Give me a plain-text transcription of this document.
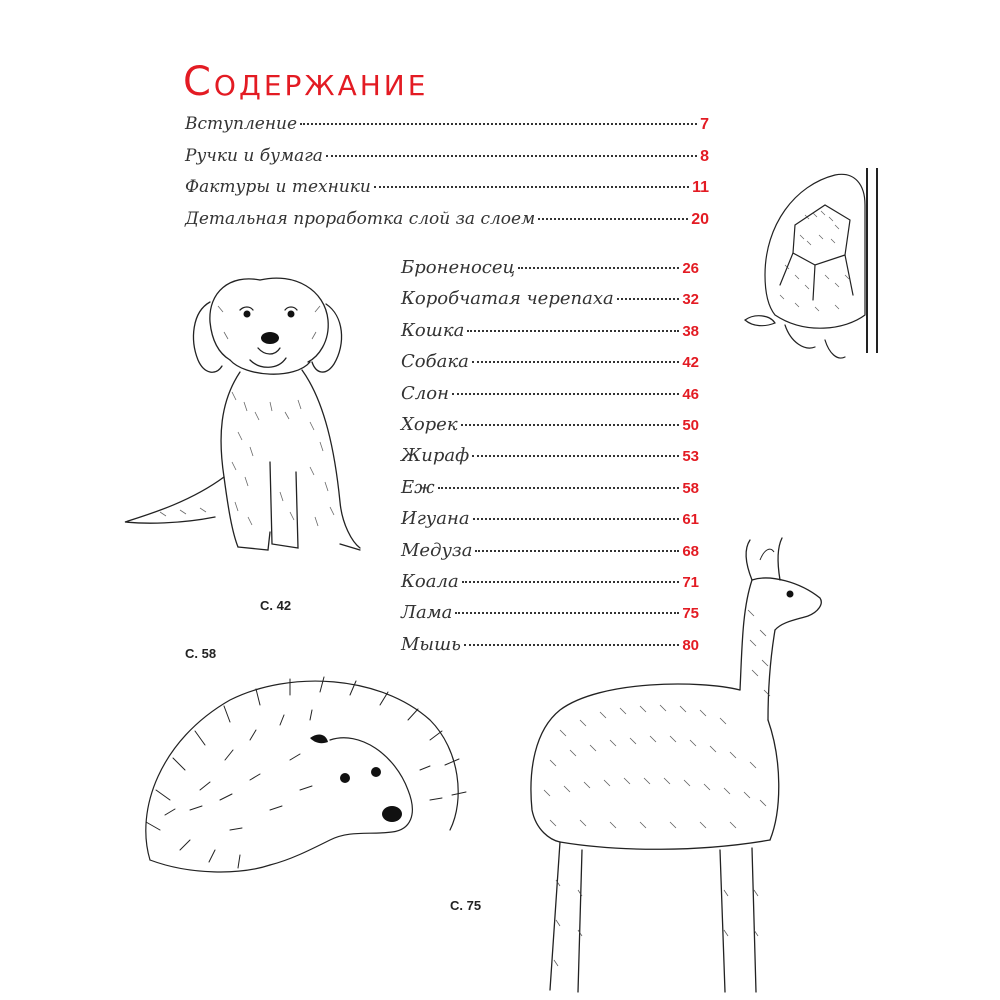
Содержание
Вступление	7
Ручки и бумага	8
Фактуры и техники	11
Детальная проработка слой за слоем	20
Броненосец	26
Коробчатая черепаха	32
Кошка	38
Собака	42
Слон	46
Хорек	50
Жираф	53
Еж	58
Игуана	61
Медуза	68
Коала	71
Лама	75
Мышь	80
С. 42
С. 58
С. 75
